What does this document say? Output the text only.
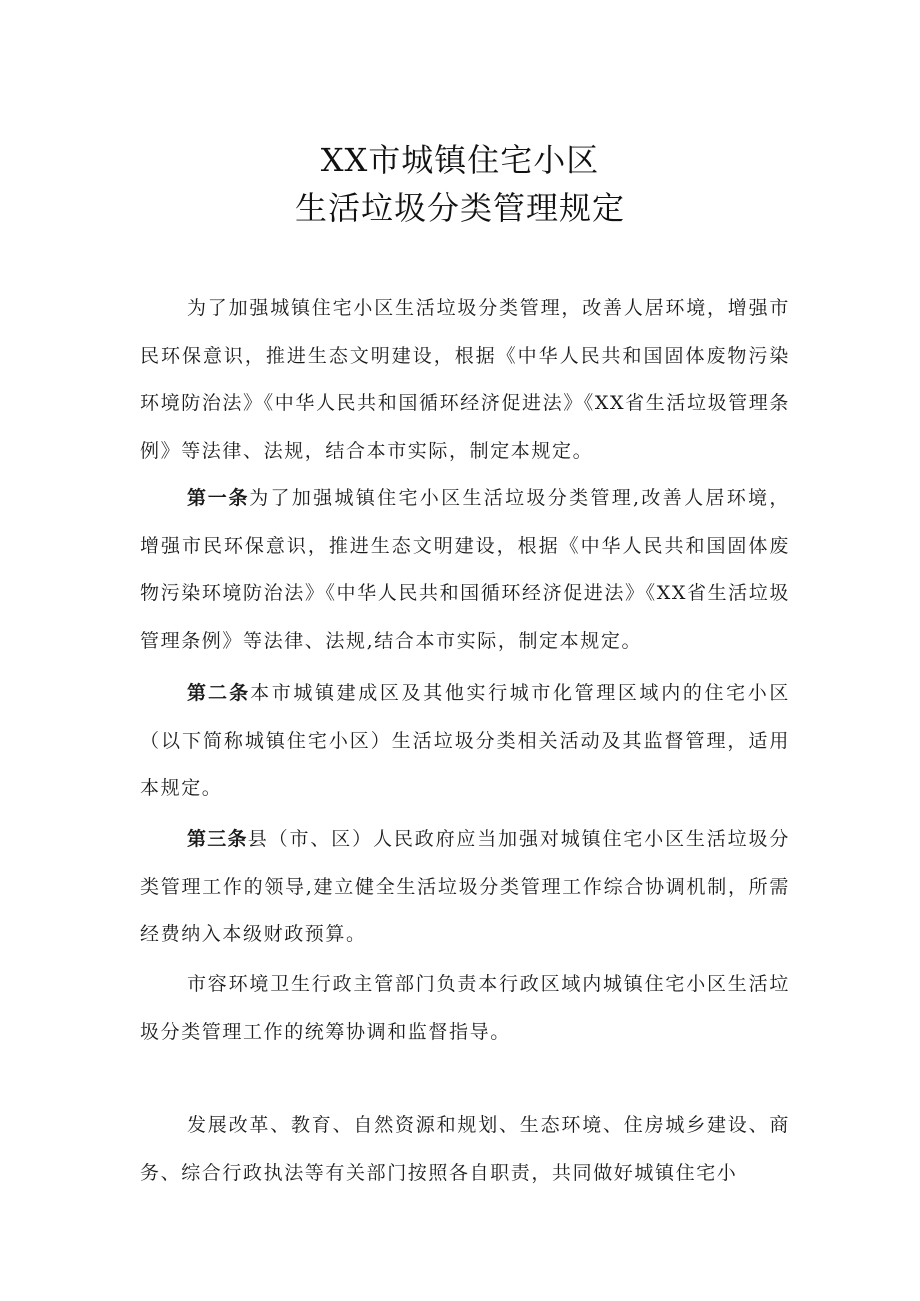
XX市城镇住宅小区
生活垃圾分类管理规定

为了加强城镇住宅小区生活垃圾分类管理，改善人居环境，增强市民环保意识，推进生态文明建设，根据《中华人民共和国固体废物污染环境防治法》《中华人民共和国循环经济促进法》《XX省生活垃圾管理条例》等法律、法规，结合本市实际，制定本规定。

第一条为了加强城镇住宅小区生活垃圾分类管理,改善人居环境，增强市民环保意识，推进生态文明建设，根据《中华人民共和国固体废物污染环境防治法》《中华人民共和国循环经济促进法》《XX省生活垃圾管理条例》等法律、法规,结合本市实际，制定本规定。

第二条本市城镇建成区及其他实行城市化管理区域内的住宅小区（以下简称城镇住宅小区）生活垃圾分类相关活动及其监督管理，适用本规定。

第三条县（市、区）人民政府应当加强对城镇住宅小区生活垃圾分类管理工作的领导,建立健全生活垃圾分类管理工作综合协调机制，所需经费纳入本级财政预算。

市容环境卫生行政主管部门负责本行政区域内城镇住宅小区生活垃圾分类管理工作的统筹协调和监督指导。

发展改革、教育、自然资源和规划、生态环境、住房城乡建设、商务、综合行政执法等有关部门按照各自职责，共同做好城镇住宅小
